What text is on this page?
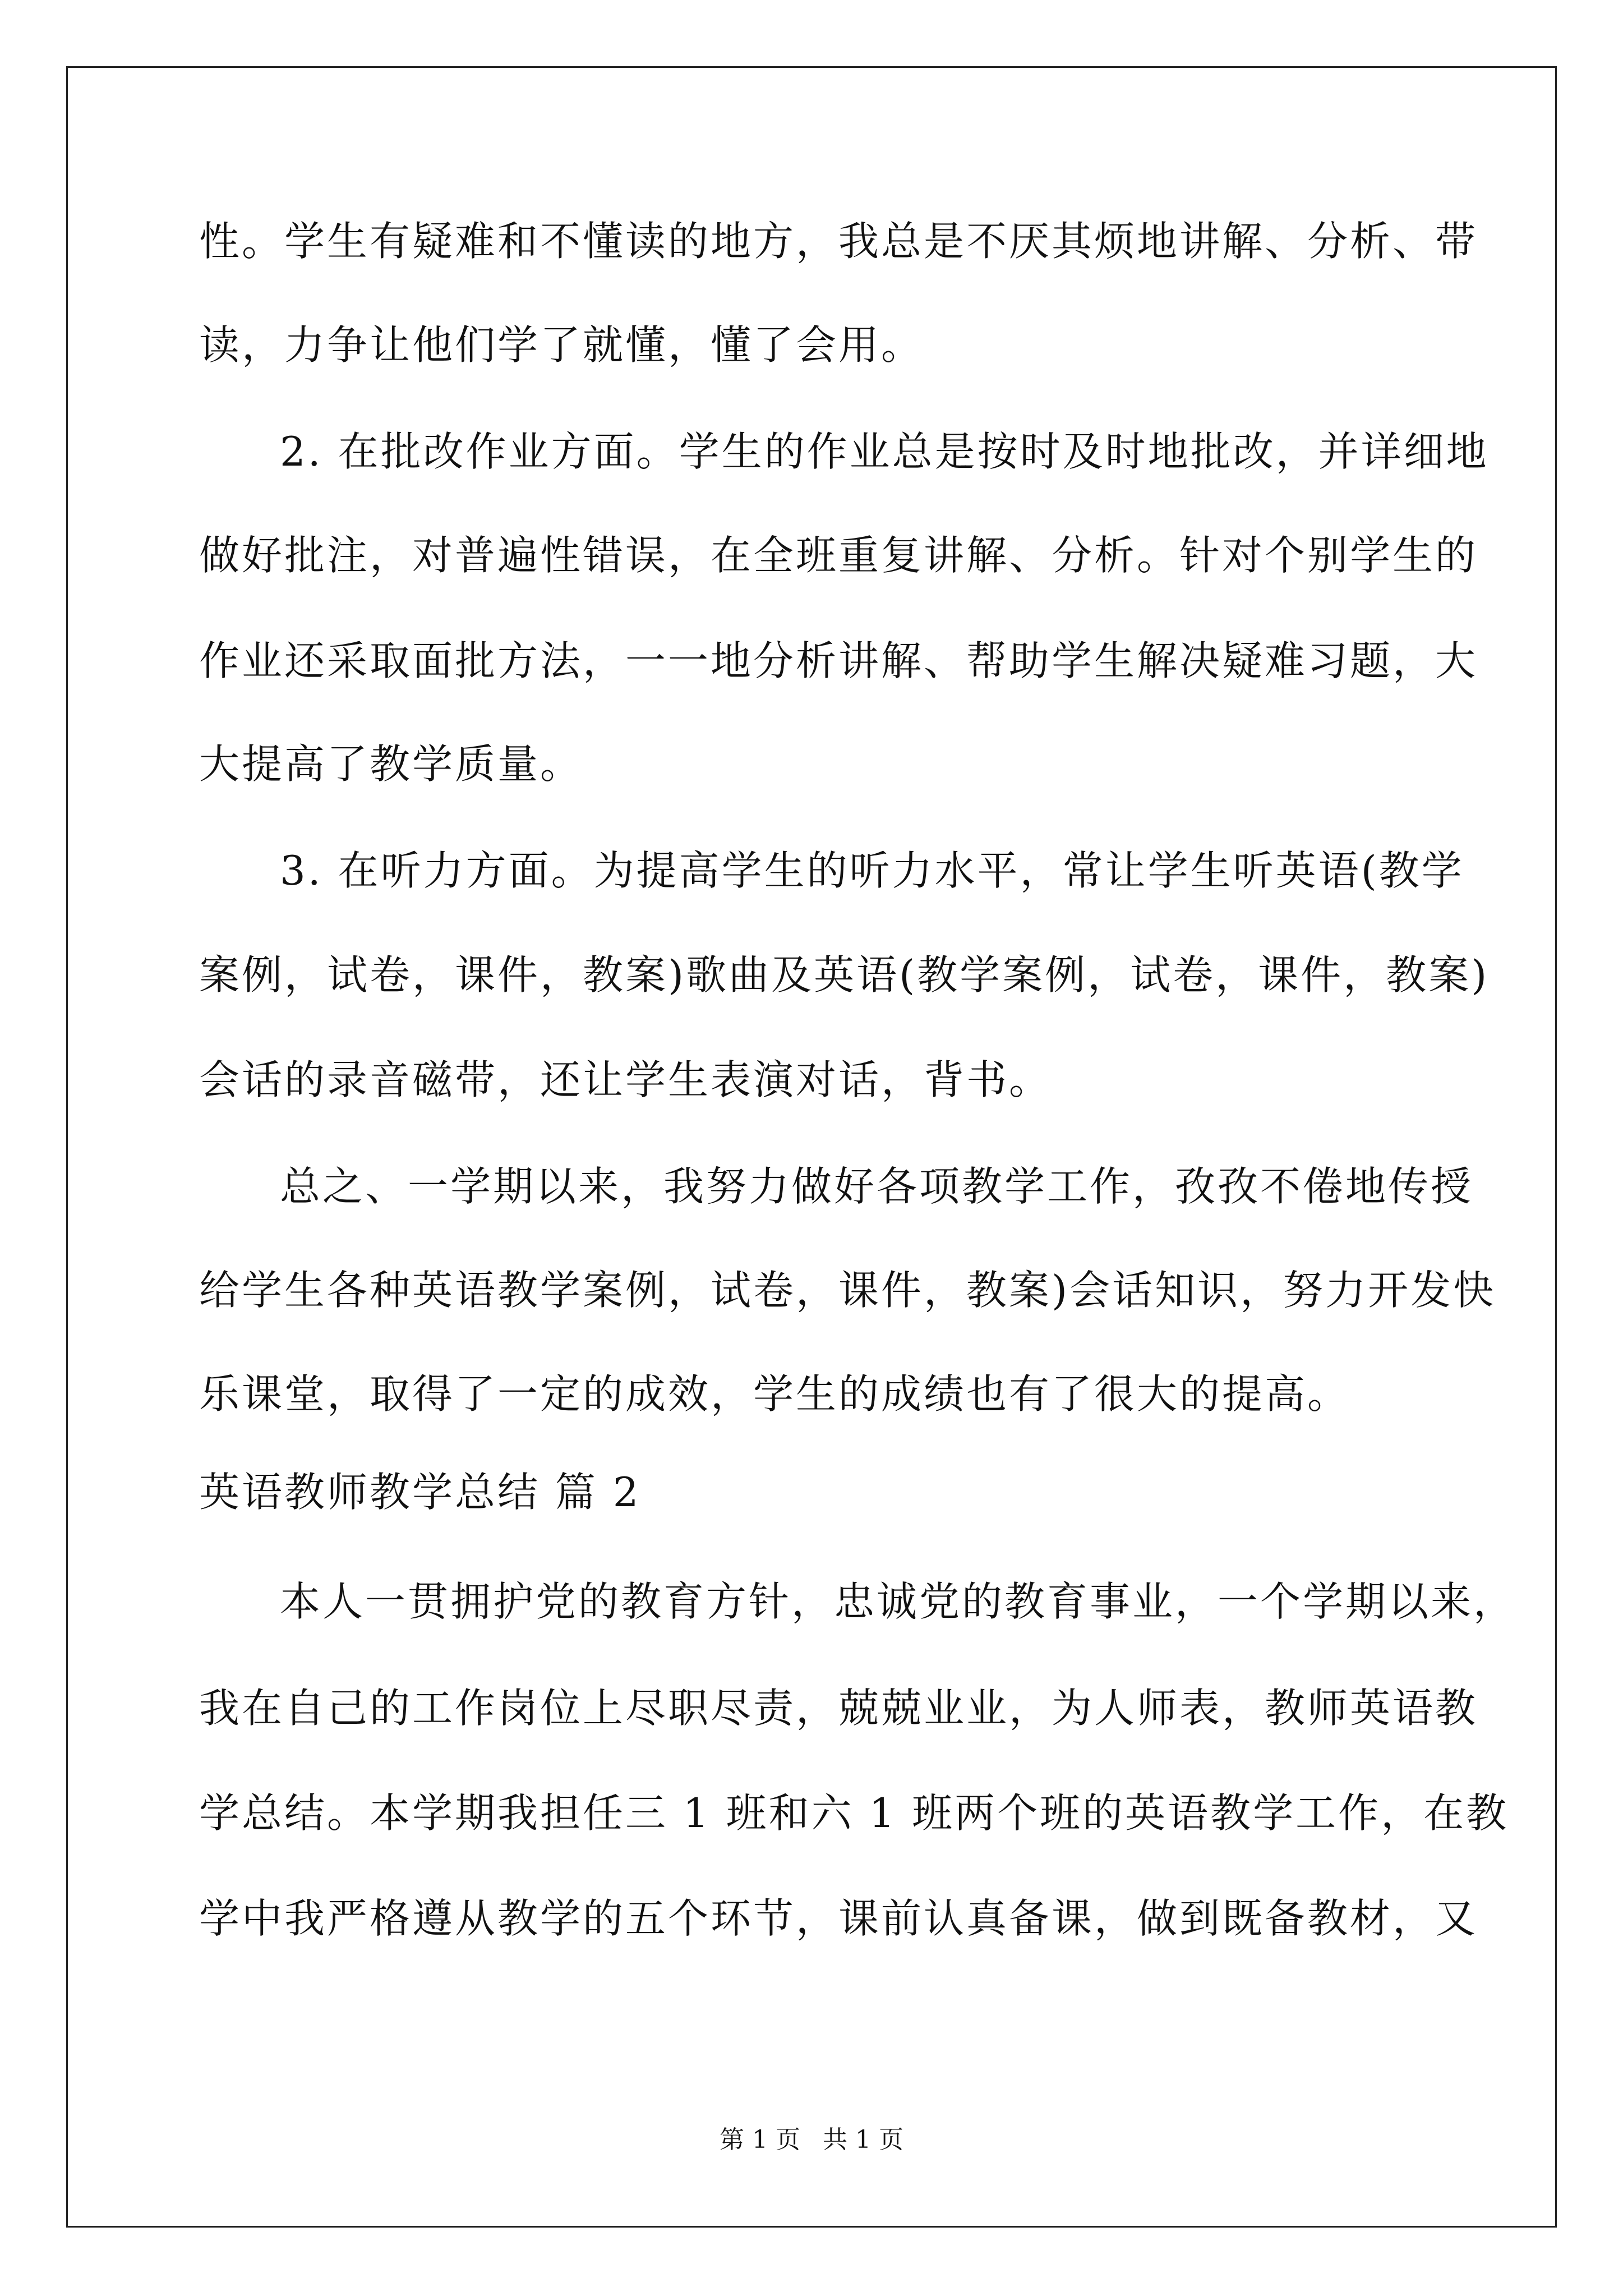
性。学生有疑难和不懂读的地方，我总是不厌其烦地讲解、分析、带
读，力争让他们学了就懂，懂了会用。
2. 在批改作业方面。学生的作业总是按时及时地批改，并详细地
做好批注，对普遍性错误，在全班重复讲解、分析。针对个别学生的
作业还采取面批方法，一一地分析讲解、帮助学生解决疑难习题，大
大提高了教学质量。
3. 在听力方面。为提高学生的听力水平，常让学生听英语(教学
案例，试卷，课件，教案)歌曲及英语(教学案例，试卷，课件，教案)
会话的录音磁带，还让学生表演对话，背书。
总之、一学期以来，我努力做好各项教学工作，孜孜不倦地传授
给学生各种英语教学案例，试卷，课件，教案)会话知识，努力开发快
乐课堂，取得了一定的成效，学生的成绩也有了很大的提高。
英语教师教学总结 篇 2
本人一贯拥护党的教育方针，忠诚党的教育事业，一个学期以来，
我在自己的工作岗位上尽职尽责，兢兢业业，为人师表，教师英语教
学总结。本学期我担任三 1 班和六 1 班两个班的英语教学工作，在教
学中我严格遵从教学的五个环节，课前认真备课，做到既备教材，又
第 1 页 共 1 页
